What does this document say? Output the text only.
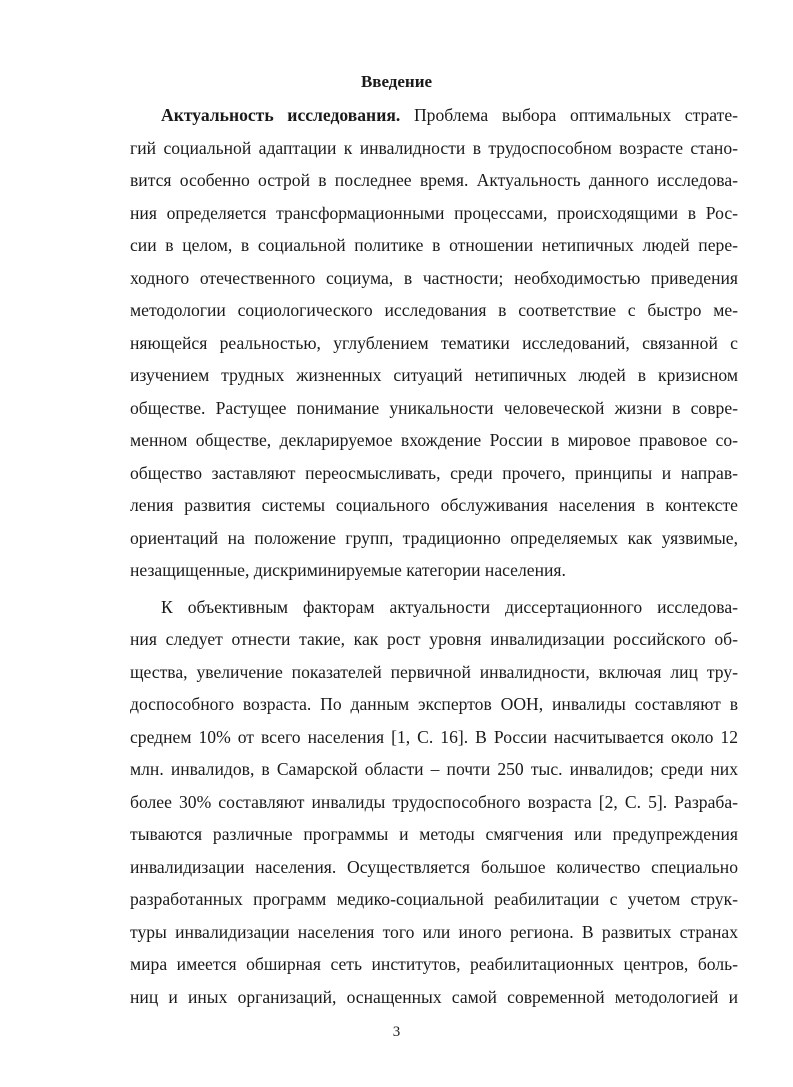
Введение
Актуальность исследования. Проблема выбора оптимальных страте-
гий социальной адаптации к инвалидности в трудоспособном возрасте стано-
вится особенно острой в последнее время. Актуальность данного исследова-
ния определяется трансформационными процессами, происходящими в Рос-
сии в целом, в социальной политике в отношении нетипичных людей пере-
ходного отечественного социума, в частности; необходимостью приведения
методологии социологического исследования в соответствие с быстро ме-
няющейся реальностью, углублением тематики исследований, связанной с
изучением трудных жизненных ситуаций нетипичных людей в кризисном
обществе. Растущее понимание уникальности человеческой жизни в совре-
менном обществе, декларируемое вхождение России в мировое правовое со-
общество заставляют переосмысливать, среди прочего, принципы и направ-
ления развития системы социального обслуживания населения в контексте
ориентаций на положение групп, традиционно определяемых как уязвимые,
незащищенные, дискриминируемые категории населения.
К объективным факторам актуальности диссертационного исследова-
ния следует отнести такие, как рост уровня инвалидизации российского об-
щества, увеличение показателей первичной инвалидности, включая лиц тру-
доспособного возраста. По данным экспертов ООН, инвалиды составляют в
среднем 10% от всего населения [1, С. 16]. В России насчитывается около 12
млн. инвалидов, в Самарской области – почти 250 тыс. инвалидов; среди них
более 30% составляют инвалиды трудоспособного возраста [2, С. 5]. Разраба-
тываются различные программы и методы смягчения или предупреждения
инвалидизации населения. Осуществляется большое количество специально
разработанных программ медико-социальной реабилитации с учетом струк-
туры инвалидизации населения того или иного региона. В развитых странах
мира имеется обширная сеть институтов, реабилитационных центров, боль-
ниц и иных организаций, оснащенных самой современной методологией и
3
